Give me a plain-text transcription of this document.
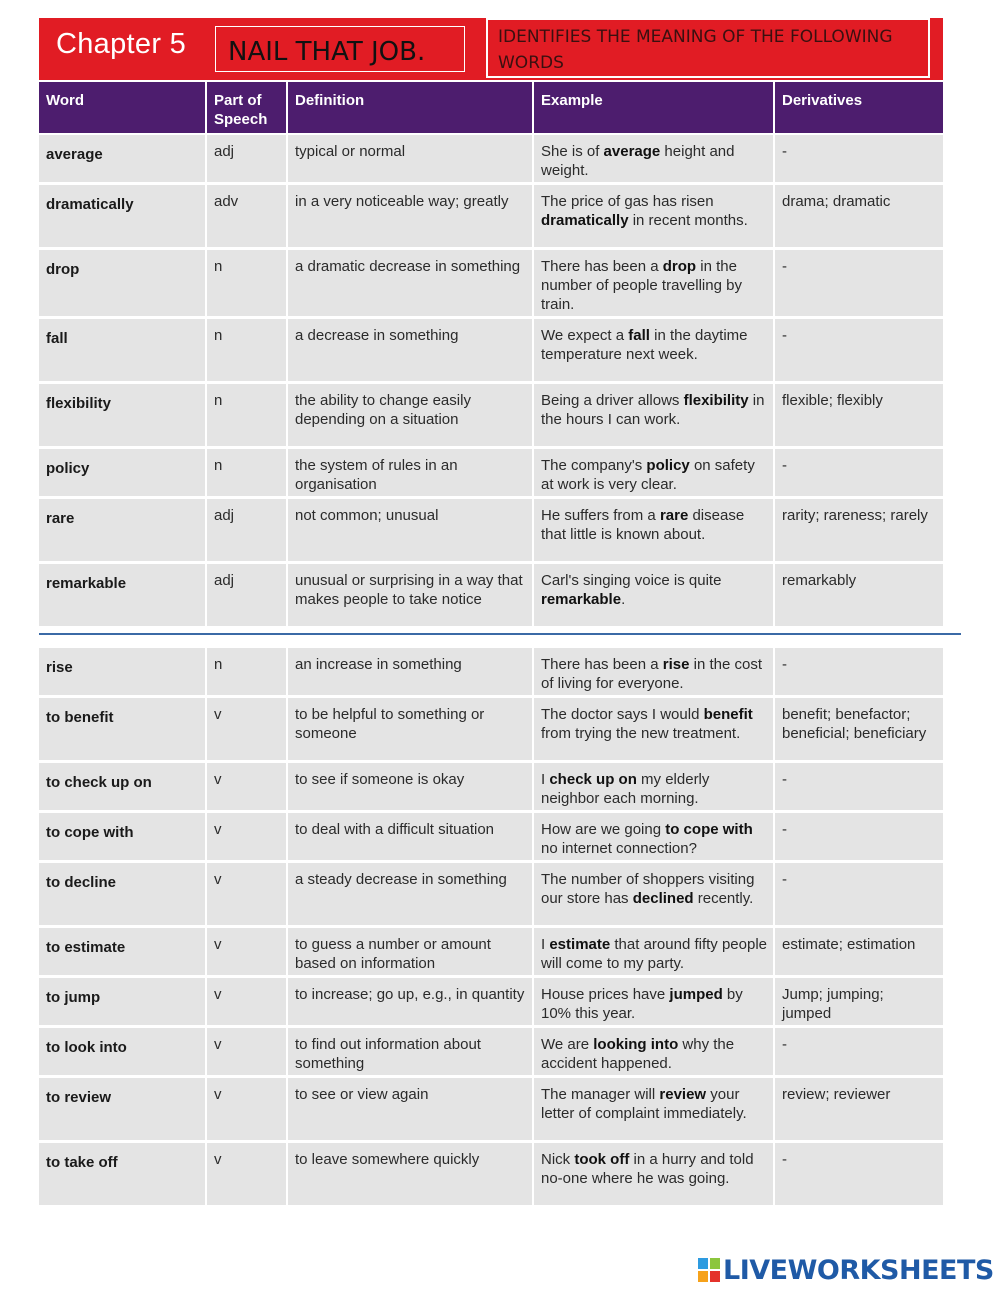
Chapter 5	NAIL THAT JOB.	IDENTIFIES THE MEANING OF THE FOLLOWING WORDS
Word	Part of Speech	Definition	Example	Derivatives
average	adj	typical or normal	She is of average height and weight.	-
dramatically	adv	in a very noticeable way; greatly	The price of gas has risen dramatically in recent months.	drama; dramatic
drop	n	a dramatic decrease in something	There has been a drop in the number of people travelling by train.	-
fall	n	a decrease in something	We expect a fall in the daytime temperature next week.	-
flexibility	n	the ability to change easily depending on a situation	Being a driver allows flexibility in the hours I can work.	flexible; flexibly
policy	n	the system of rules in an organisation	The company's policy on safety at work is very clear.	-
rare	adj	not common; unusual	He suffers from a rare disease that little is known about.	rarity; rareness; rarely
remarkable	adj	unusual or surprising in a way that makes people to take notice	Carl's singing voice is quite remarkable.	remarkably

rise	n	an increase in something	There has been a rise in the cost of living for everyone.	-
to benefit	v	to be helpful to something or someone	The doctor says I would benefit from trying the new treatment.	benefit; benefactor; beneficial; beneficiary
to check up on	v	to see if someone is okay	I check up on my elderly neighbor each morning.	-
to cope with	v	to deal with a difficult situation	How are we going to cope with no internet connection?	-
to decline	v	a steady decrease in something	The number of shoppers visiting our store has declined recently.	-
to estimate	v	to guess a number or amount based on information	I estimate that around fifty people will come to my party.	estimate; estimation
to jump	v	to increase; go up, e.g., in quantity	House prices have jumped by 10% this year.	Jump; jumping; jumped
to look into	v	to find out information about something	We are looking into why the accident happened.	-
to review	v	to see or view again	The manager will review your letter of complaint immediately.	review; reviewer
to take off	v	to leave somewhere quickly	Nick took off in a hurry and told no-one where he was going.	-
LIVEWORKSHEETS
